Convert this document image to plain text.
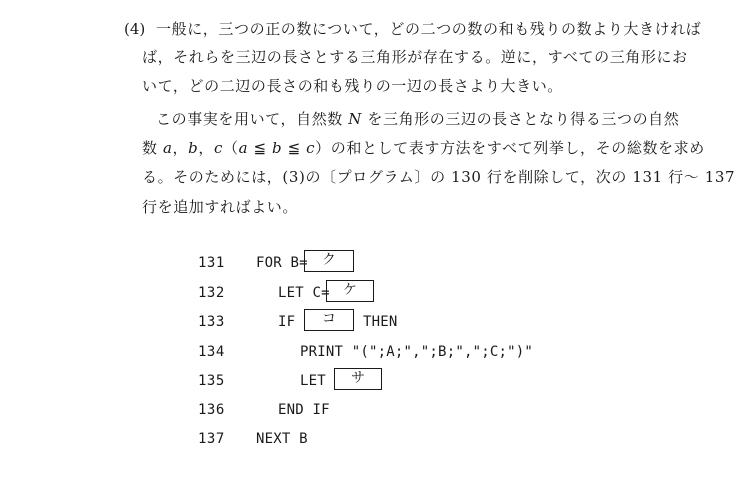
(4) 一般に，三つの正の数について，どの二つの数の和も残りの数より大きければ
ば，それらを三辺の長さとする三角形が存在する。逆に，すべての三角形にお
いて，どの二辺の長さの和も残りの一辺の長さより大きい。
この事実を用いて，自然数 N を三角形の三辺の長さとなり得る三つの自然
数 a，b，c（a ≦ b ≦ c）の和として表す方法をすべて列挙し，その総数を求め
る。そのためには，(3)の〔プログラム〕の 130 行を削除して，次の 131 行～ 137
行を追加すればよい。
131 FOR B=	ク
132	LET C= ケ
133	IF	コ	THEN
134	PRINT "(";A;",";B;",";C;")"
135	LET	サ
136	END IF
137 NEXT B
